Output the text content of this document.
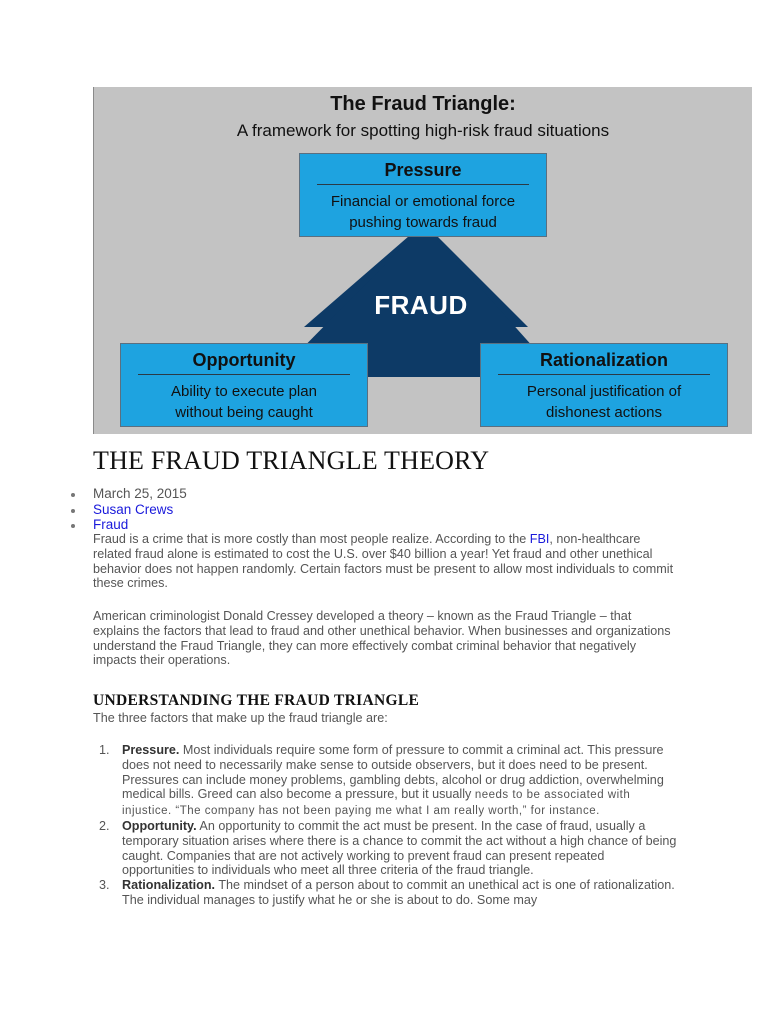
The Fraud Triangle:
A framework for spotting high-risk fraud situations
FRAUD
Pressure
Financial or emotional force
pushing towards fraud
Opportunity
Ability to execute plan
without being caught
Rationalization
Personal justification of
dishonest actions
THE FRAUD TRIANGLE THEORY
March 25, 2015
Susan Crews
Fraud

Fraud is a crime that is more costly than most people realize. According to the FBI, non-healthcare related fraud alone is estimated to cost the U.S. over $40 billion a year! Yet fraud and other unethical behavior does not happen randomly. Certain factors must be present to allow most individuals to commit these crimes.

American criminologist Donald Cressey developed a theory – known as the Fraud Triangle – that explains the factors that lead to fraud and other unethical behavior. When businesses and organizations understand the Fraud Triangle, they can more effectively combat criminal behavior that negatively impacts their operations.

UNDERSTANDING THE FRAUD TRIANGLE

The three factors that make up the fraud triangle are:

1. Pressure. Most individuals require some form of pressure to commit a criminal act. This pressure does not need to necessarily make sense to outside observers, but it does need to be present. Pressures can include money problems, gambling debts, alcohol or drug addiction, overwhelming medical bills. Greed can also become a pressure, but it usually needs to be associated with injustice. “The company has not been paying me what I am really worth,” for instance.
2. Opportunity. An opportunity to commit the act must be present. In the case of fraud, usually a temporary situation arises where there is a chance to commit the act without a high chance of being caught. Companies that are not actively working to prevent fraud can present repeated opportunities to individuals who meet all three criteria of the fraud triangle.
3. Rationalization. The mindset of a person about to commit an unethical act is one of rationalization. The individual manages to justify what he or she is about to do. Some may
